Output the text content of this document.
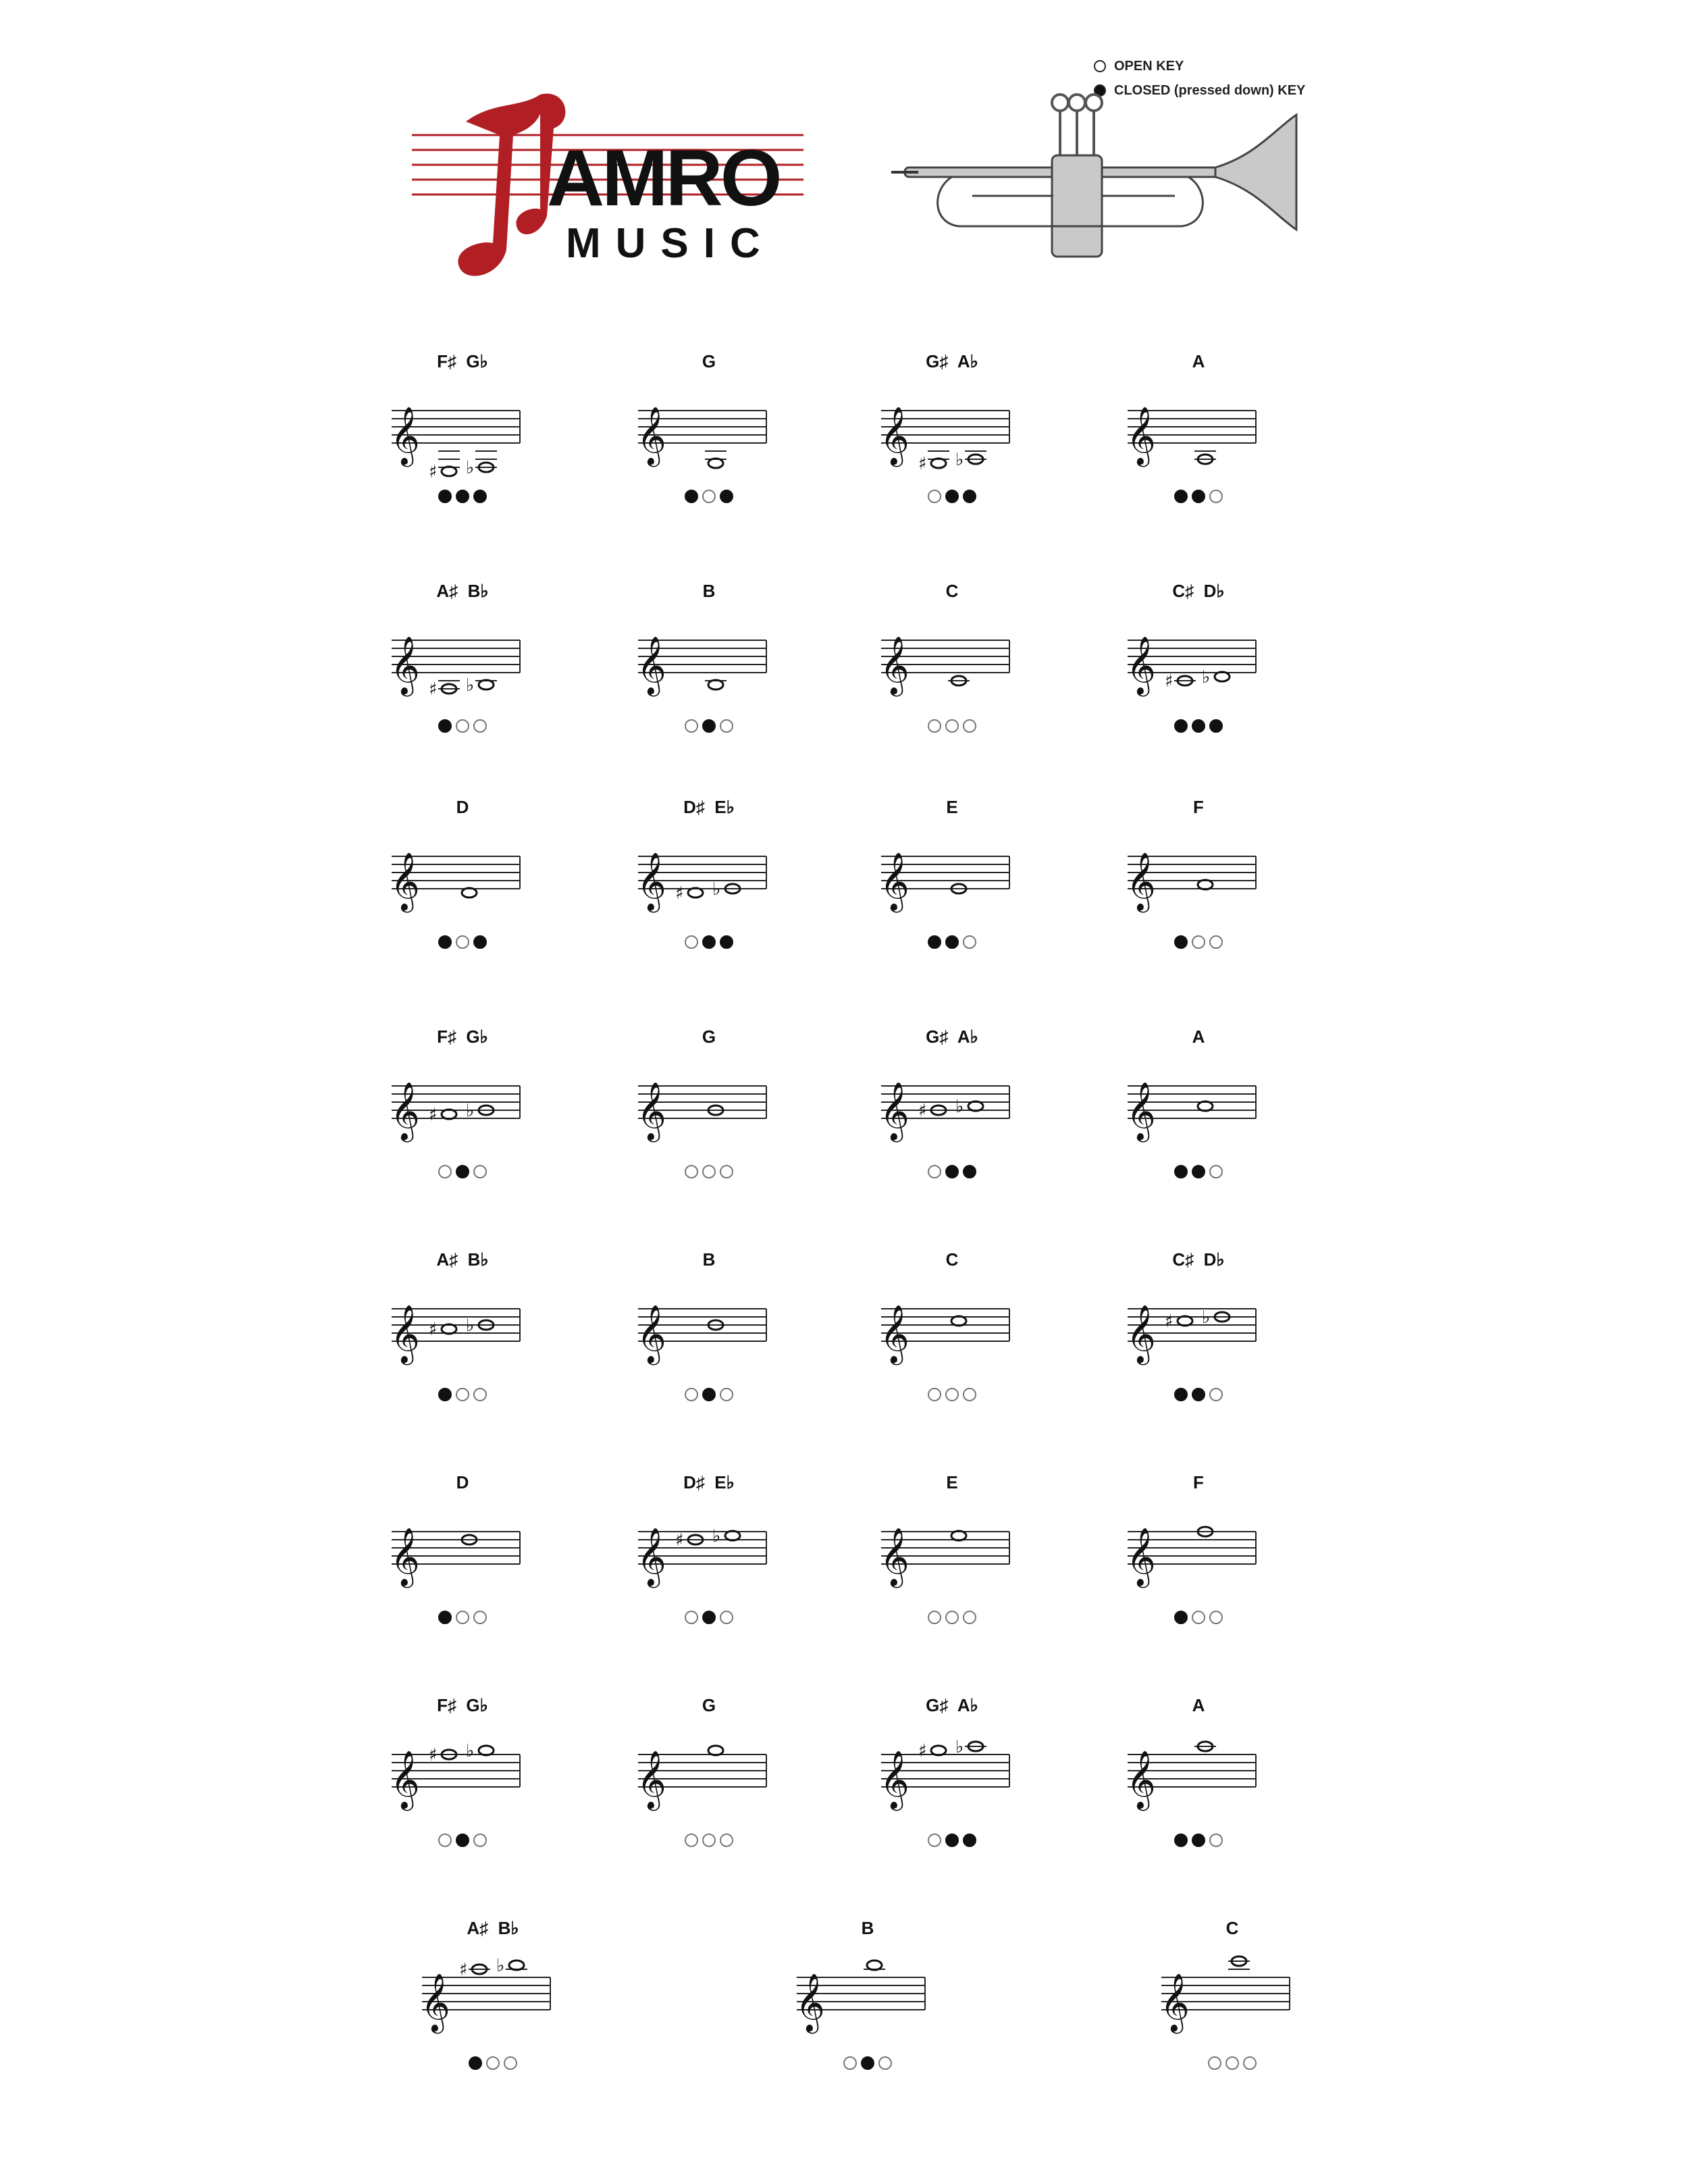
AMRO
MUSIC
OPEN KEY
CLOSED (pressed down) KEY
F♯  G♭
𝄞
♯ ♭
G
𝄞
G♯  A♭
𝄞 ♯ ♭
A
𝄞
A♯  B♭
𝄞 ♯ ♭
B
𝄞
C
𝄞
C♯  D♭
𝄞 ♯ ♭
D
𝄞
D♯  E♭
𝄞 ♯ ♭
E
𝄞
F
𝄞
F♯  G♭
𝄞 ♯ ♭
G
𝄞
G♯  A♭
𝄞 ♯ ♭
A
𝄞
A♯  B♭
𝄞 ♯ ♭
B
𝄞
C
𝄞
C♯  D♭
𝄞 ♯ ♭
D
𝄞
D♯  E♭
𝄞 ♯ ♭
E
𝄞
F
𝄞
F♯  G♭
𝄞 ♯ ♭
G
𝄞
G♯  A♭
𝄞 ♯ ♭
A
𝄞
A♯  B♭
𝄞
♯ ♭
B
𝄞
C
𝄞
